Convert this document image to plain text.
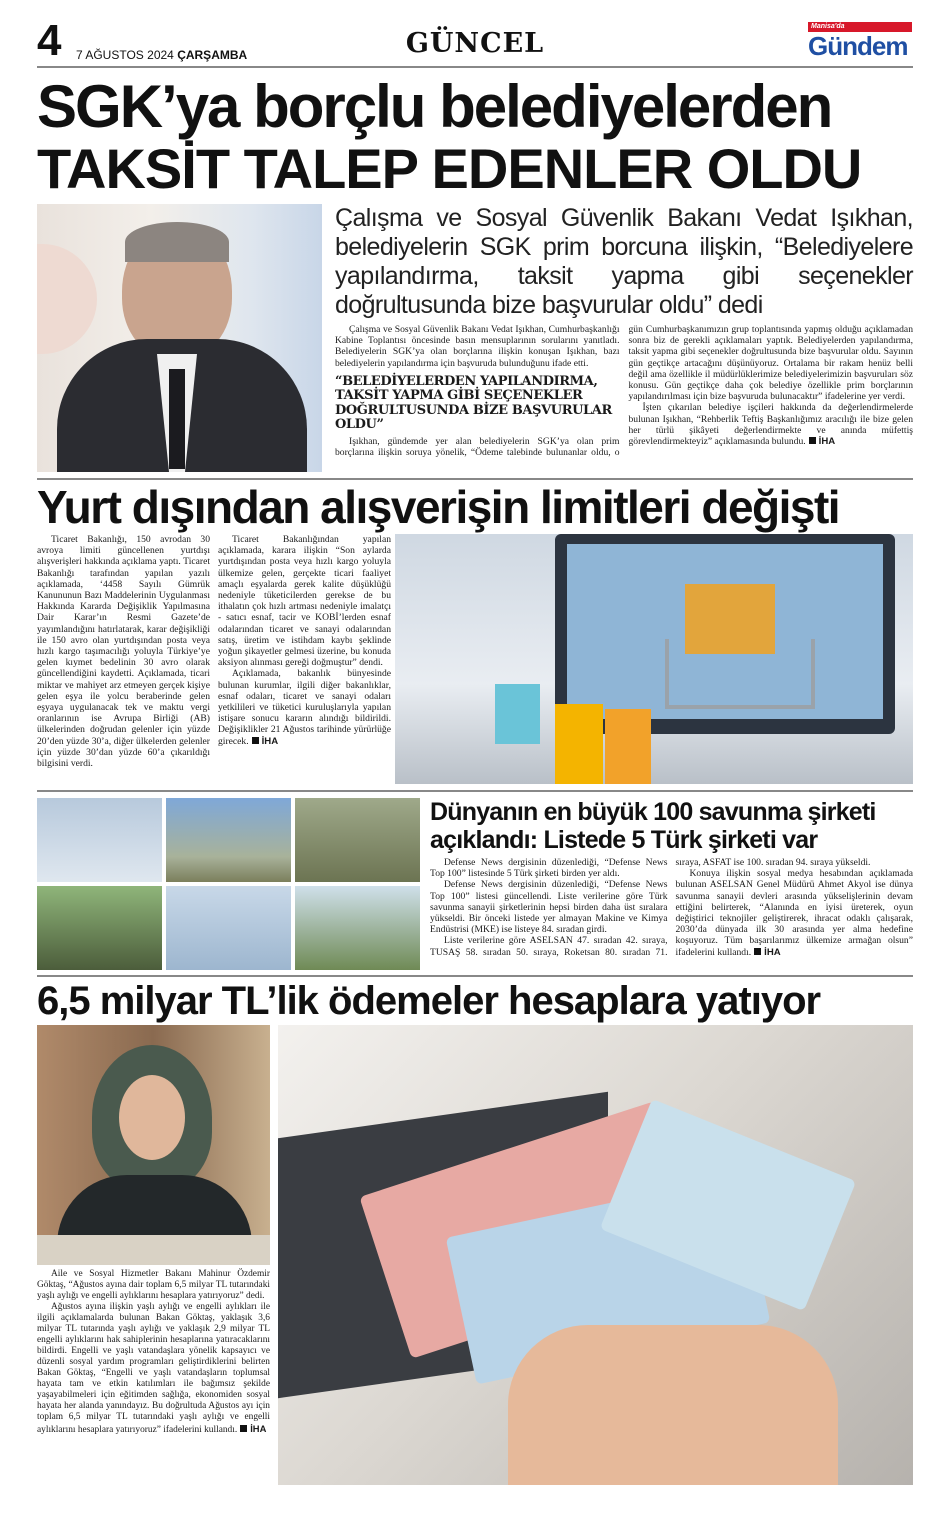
4 7 AĞUSTOS 2024 ÇARŞAMBA	GÜNCEL
Manisa'da
Gündem
SGK’ya borçlu belediyelerden
TAKSİT TALEP EDENLER OLDU
Çalışma ve Sosyal Güvenlik Bakanı Vedat Işıkhan, belediyelerin SGK prim borcuna ilişkin, “Belediyelere yapılandırma, taksit yapma gibi seçenekler doğrultusunda bize başvurular oldu” dedi

Çalışma ve Sosyal Güvenlik Bakanı Vedat Işıkhan, Cumhurbaşkanlığı Kabine Toplantısı öncesinde basın mensuplarının sorularını yanıtladı. Belediyelerin SGK’ya olan borçlarına ilişkin konuşan Işıkhan, bazı belediyelerin yapılandırma için başvuruda bulunduğunu ifade etti.

“BELEDİYELERDEN YAPILANDIRMA, TAKSİT YAPMA GİBİ SEÇENEKLER DOĞRULTUSUNDA BİZE BAŞVURULAR OLDU”

Işıkhan, gündemde yer alan belediyelerin SGK’ya olan prim borçlarına ilişkin soruya yönelik, “Ödeme talebinde bulunanlar oldu, o gün Cumhurbaşkanımızın grup toplantısında yapmış olduğu açıklamadan sonra biz de gerekli açıklamaları yaptık. Belediyelerden yapılandırma, taksit yapma gibi seçenekler doğrultusunda bize başvurular oldu. Sayının gün geçtikçe artacağını düşünüyoruz. Ortalama bir rakam henüz belli değil ama özellikle il müdürlüklerimize belediyelerimizin başvuruları söz konusu. Gün geçtikçe daha çok belediye özellikle prim borçlarının yapılandırılması için bize başvuruda bulunacaktır” ifadelerine yer verdi.

İşten çıkarılan belediye işçileri hakkında da değerlendirmelerde bulunan Işıkhan, “Rehberlik Teftiş Başkanlığımız aracılığı ile bize gelen her türlü şikâyeti değerlendirmekte ve anında müfettiş görevlendirmekteyiz” açıklamasında bulundu. İHA

Yurt dışından alışverişin limitleri değişti

Ticaret Bakanlığı, 150 avrodan 30 avroya limiti güncellenen yurtdışı alışverişleri hakkında açıklama yaptı. Ticaret Bakanlığı tarafından yapılan yazılı açıklamada, ‘4458 Sayılı Gümrük Kanununun Bazı Maddelerinin Uygulanması Hakkında Kararda Değişiklik Yapılmasına Dair Karar’ın Resmi Gazete’de yayımlandığını hatırlatarak, karar değişikliği ile 150 avro olan yurtdışından posta veya hızlı kargo taşımacılığı yoluyla Türkiye’ye gelen kıymet bedelinin 30 avro olarak güncellendiğini kaydetti. Açıklamada, ticari miktar ve mahiyet arz etmeyen gerçek kişiye gelen eşya ile yolcu beraberinde gelen eşyaya uygulanacak tek ve maktu vergi oranlarının ise Avrupa Birliği (AB) ülkelerinden doğrudan gelenler için yüzde 20’den yüzde 30’a, diğer ülkelerden gelenler için yüzde 30’dan yüzde 60’a çıkarıldığı bilgisini verdi.

Ticaret Bakanlığından yapılan açıklamada, karara ilişkin “Son aylarda yurtdışından posta veya hızlı kargo yoluyla ülkemize gelen, gerçekte ticari faaliyet amaçlı eşyalarda gerek kalite düşüklüğü nedeniyle tüketicilerden gerekse de bu ithalatın çok hızlı artması nedeniyle imalatçı - satıcı esnaf, tacir ve KOBİ’lerden esnaf odalarından ticaret ve sanayi odalarından satış, üretim ve istihdam kaybı şeklinde yoğun şikayetler gelmesi üzerine, bu konuda aksiyon alınması gereği doğmuştur” dendi.

Açıklamada, bakanlık bünyesinde bulunan kurumlar, ilgili diğer bakanlıklar, esnaf odaları, ticaret ve sanayi odaları yetkilileri ve tüketici kuruluşlarıyla yapılan istişare sonucu kararın alındığı bildirildi. Değişiklikler 21 Ağustos tarihinde yürürlüğe girecek. İHA

Dünyanın en büyük 100 savunma şirketi açıklandı: Listede 5 Türk şirketi var

Defense News dergisinin düzenlediği, “Defense News Top 100” listesinde 5 Türk şirketi birden yer aldı.

Defense News dergisinin düzenlediği, “Defense News Top 100” listesi güncellendi. Liste verilerine göre Türk savunma sanayii şirketlerinin hepsi birden daha üst sıralara yükseldi. Bir önceki listede yer almayan Makine ve Kimya Endüstrisi (MKE) ise listeye 84. sıradan girdi.

Liste verilerine göre ASELSAN 47. sıradan 42. sıraya, TUSAŞ 58. sıradan 50. sıraya, Roketsan 80. sıradan 71. sıraya, ASFAT ise 100. sıradan 94. sıraya yükseldi.

Konuya ilişkin sosyal medya hesabından açıklamada bulunan ASELSAN Genel Müdürü Ahmet Akyol ise dünya savunma sanayii devleri arasında yükselişlerinin devam ettiğini belirterek, “Alanında en iyisi üreterek, oyun değiştirici teknojiler geliştirerek, ihracat odaklı çalışarak, 2030’da dünyada ilk 30 arasında yer alma hedefine koşuyoruz. Tüm başarılarımız ülkemize armağan olsun” ifadelerini kullandı. İHA

6,5 milyar TL’lik ödemeler hesaplara yatıyor

Aile ve Sosyal Hizmetler Bakanı Mahinur Özdemir Göktaş, “Ağustos ayına dair toplam 6,5 milyar TL tutarındaki yaşlı aylığı ve engelli aylıklarını hesaplara yatırıyoruz” dedi.

Ağustos ayına ilişkin yaşlı aylığı ve engelli aylıkları ile ilgili açıklamalarda bulunan Bakan Göktaş, yaklaşık 3,6 milyar TL tutarında yaşlı aylığı ve yaklaşık 2,9 milyar TL engelli aylıklarını hak sahiplerinin hesaplarına yatıracaklarını bildirdi. Engelli ve yaşlı vatandaşlara yönelik kapsayıcı ve düzenli sosyal yardım programları geliştirdiklerini belirten Bakan Göktaş, “Engelli ve yaşlı vatandaşların toplumsal hayata tam ve etkin katılımları ile bağımsız şekilde yaşayabilmeleri için eğitimden sağlığa, ekonomiden sosyal hayata her alanda yanındayız. Bu doğrultuda Ağustos ayı için toplam 6,5 milyar TL tutarındaki yaşlı aylığı ve engelli aylıklarını hesaplara yatırıyoruz” ifadelerini kullandı. İHA
